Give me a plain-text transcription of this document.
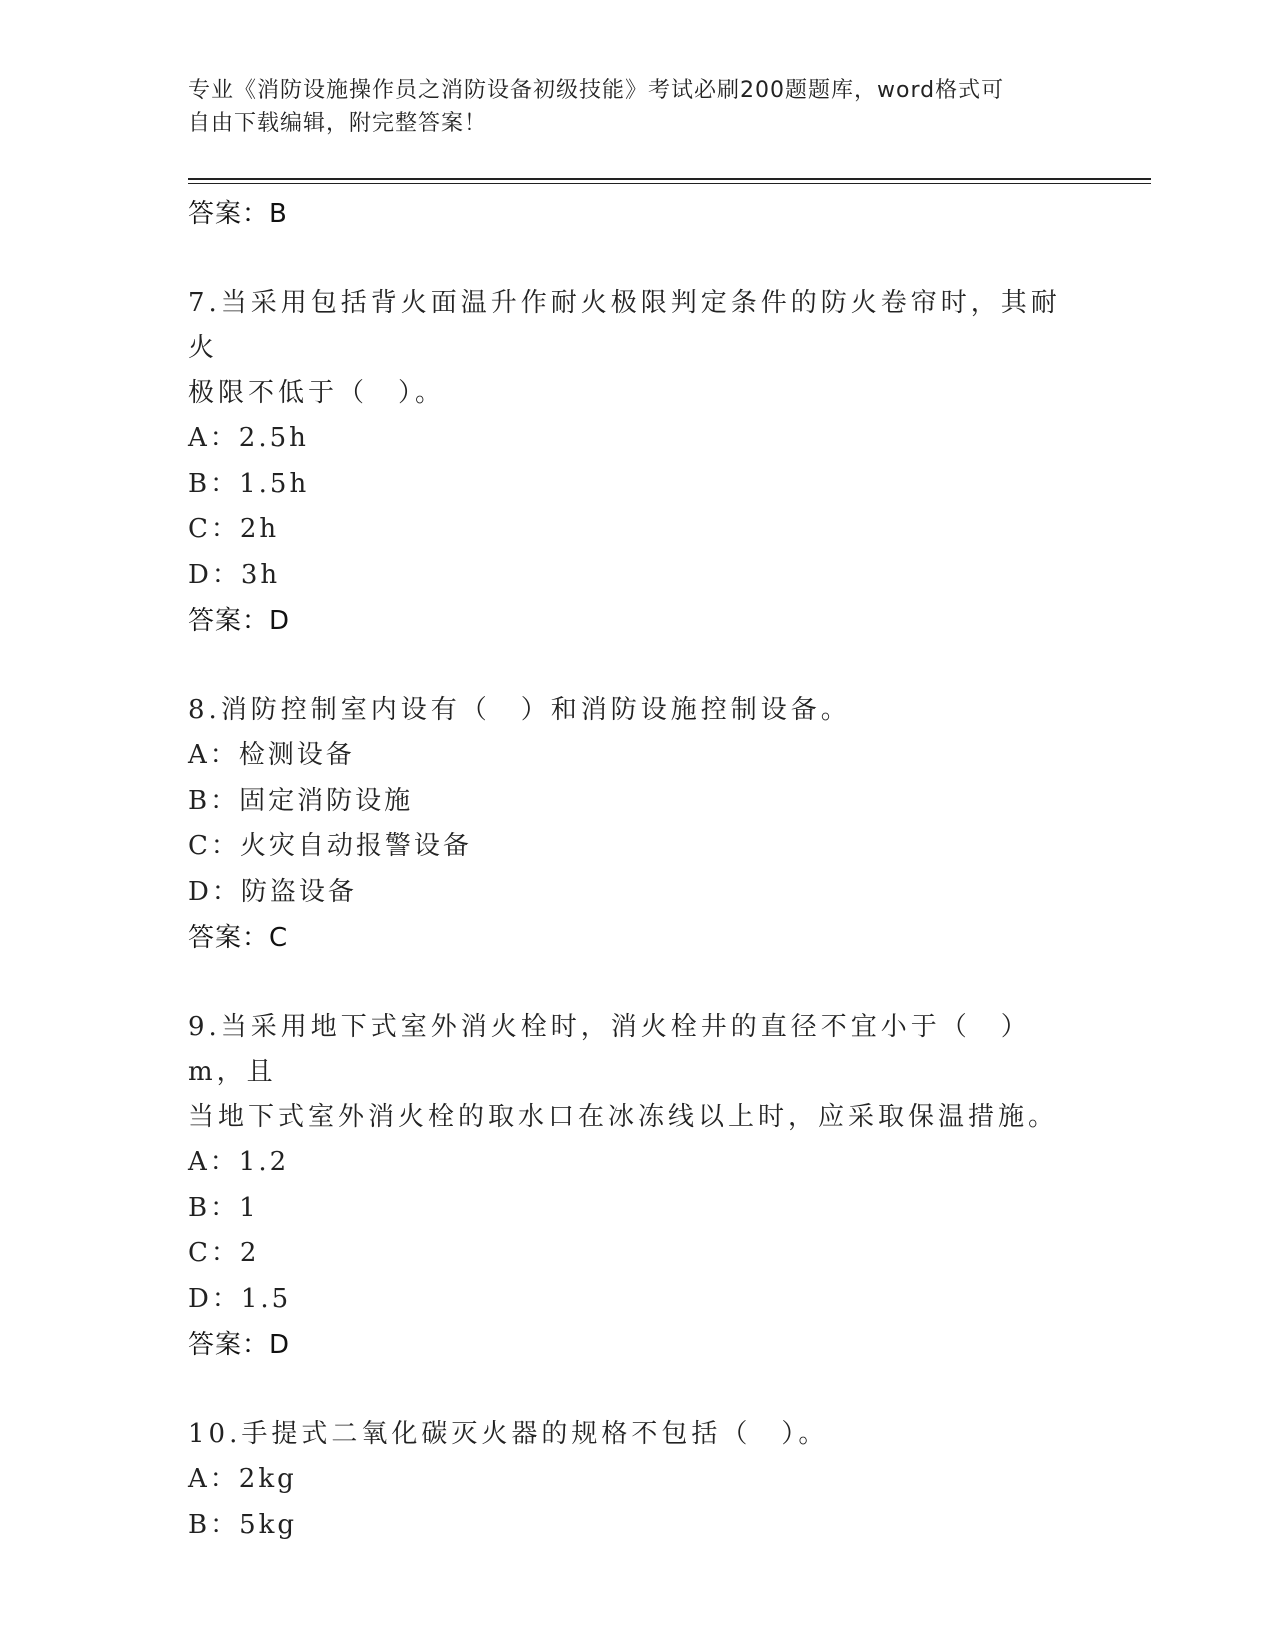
专业《消防设施操作员之消防设备初级技能》考试必刷200题题库，word格式可
自由下载编辑，附完整答案！
答案：B
7.当采用包括背火面温升作耐火极限判定条件的防火卷帘时，其耐火
极限不低于（　）。
A：2.5h
B：1.5h
C：2h
D：3h
答案：D
8.消防控制室内设有（　）和消防设施控制设备。
A：检测设备
B：固定消防设施
C：火灾自动报警设备
D：防盗设备
答案：C
9.当采用地下式室外消火栓时，消火栓井的直径不宜小于（　）m，且
当地下式室外消火栓的取水口在冰冻线以上时，应采取保温措施。
A：1.2
B：1
C：2
D：1.5
答案：D
10.手提式二氧化碳灭火器的规格不包括（　）。
A：2kg
B：5kg
